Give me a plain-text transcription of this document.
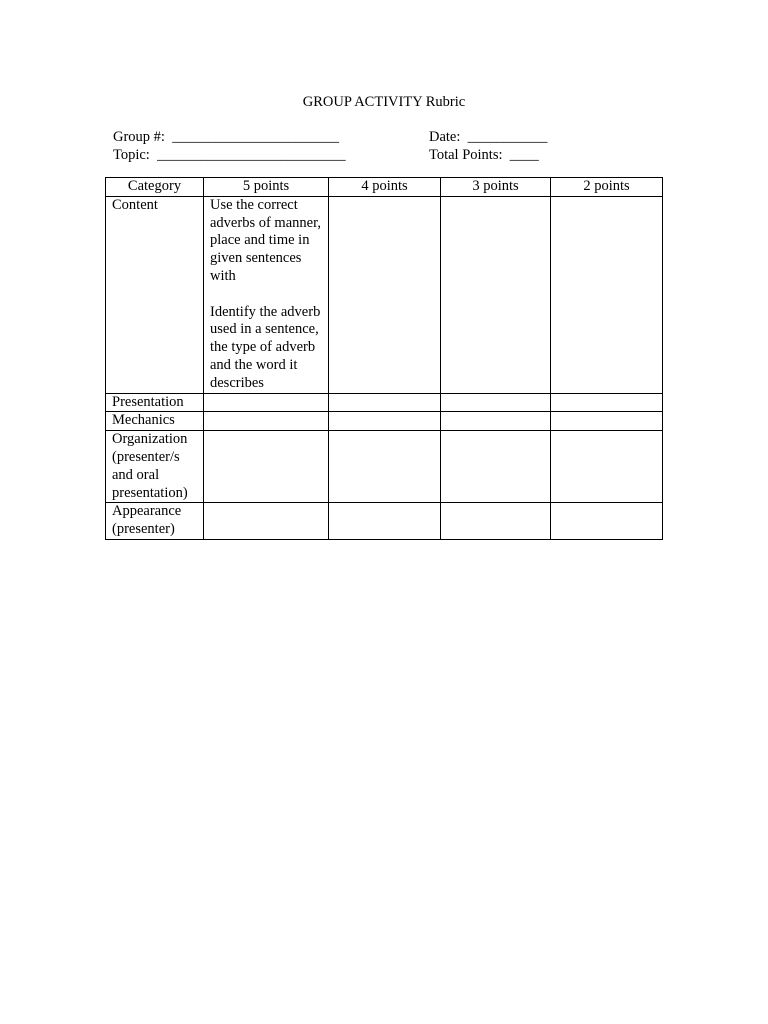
GROUP ACTIVITY Rubric
Group #:  _______________________
Topic:  __________________________
Date:  ___________
Total Points:  ____
Category	5 points	4 points	3 points	2 points
Content	Use the correct adverbs of manner, place and time in given sentences with

Identify the adverb used in a sentence, the type of adverb and the word it describes			
Presentation				
Mechanics				
Organization (presenter/s and oral presentation)				
Appearance (presenter)				
